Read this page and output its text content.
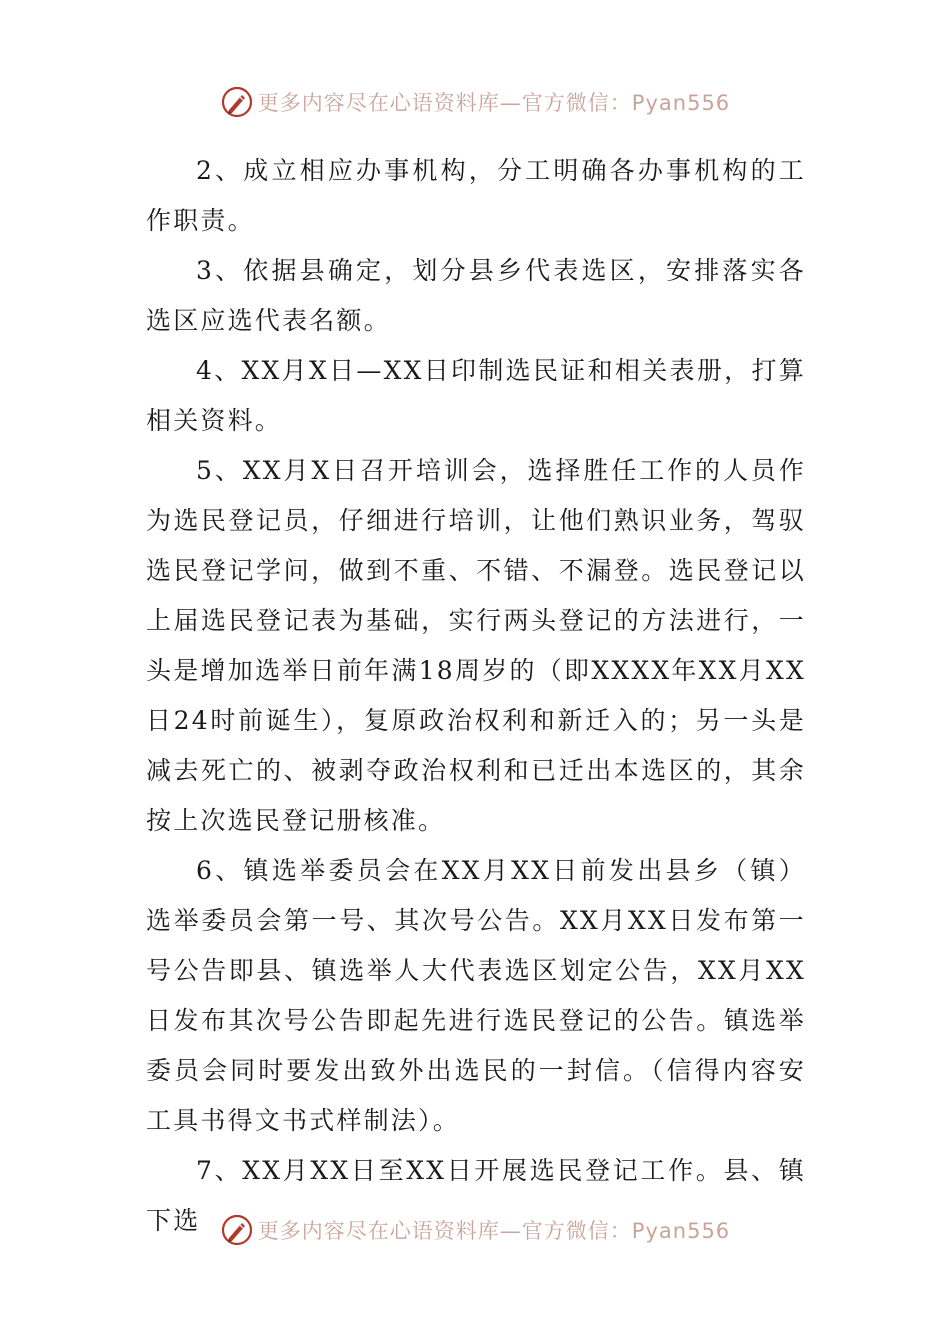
更多内容尽在心语资料库—官方微信：Pyan556

2、成立相应办事机构，分工明确各办事机构的工作职责。

3、依据县确定，划分县乡代表选区，安排落实各选区应选代表名额。

4、XX月X日—XX日印制选民证和相关表册，打算相关资料。

5、XX月X日召开培训会，选择胜任工作的人员作为选民登记员，仔细进行培训，让他们熟识业务，驾驭选民登记学问，做到不重、不错、不漏登。选民登记以上届选民登记表为基础，实行两头登记的方法进行，一头是增加选举日前年满18周岁的（即XXXX年XX月XX日24时前诞生），复原政治权利和新迁入的；另一头是减去死亡的、被剥夺政治权利和已迁出本选区的，其余按上次选民登记册核准。

6、镇选举委员会在XX月XX日前发出县乡（镇）选举委员会第一号、其次号公告。XX月XX日发布第一号公告即县、镇选举人大代表选区划定公告，XX月XX日发布其次号公告即起先进行选民登记的公告。镇选举委员会同时要发出致外出选民的一封信。（信得内容安工具书得文书式样制法）。

7、XX月XX日至XX日开展选民登记工作。县、镇下选	更多内容尽在心语资料库—官方微信：Pyan556
